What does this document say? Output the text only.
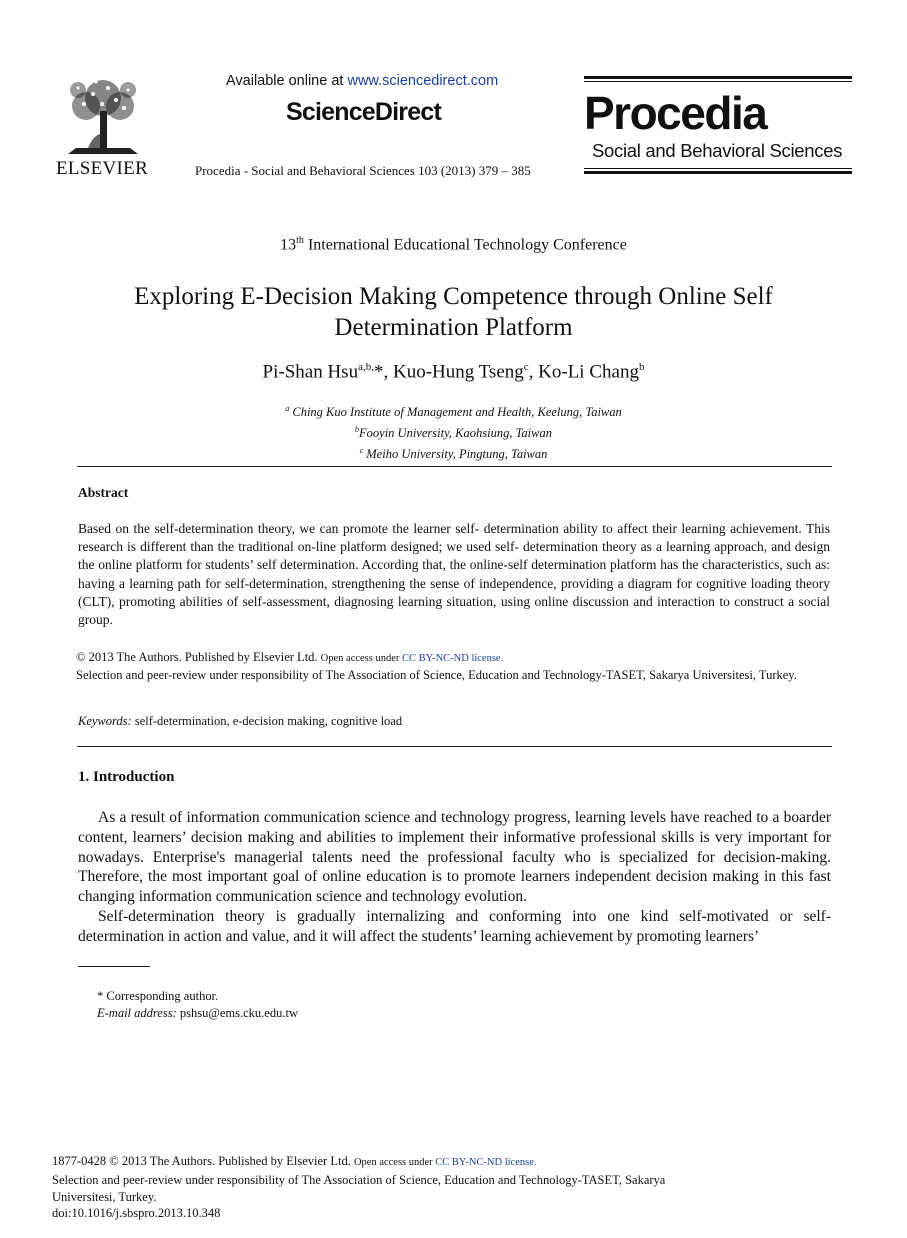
ELSEVIER
Available online at www.sciencedirect.com
ScienceDirect
Procedia - Social and Behavioral Sciences 103 (2013) 379 – 385
Procedia
Social and Behavioral Sciences
13th International Educational Technology Conference
Exploring E-Decision Making Competence through Online Self Determination Platform
Pi-Shan Hsu$^{a,b,}$*, Kuo-Hung Tseng$^c$, Ko-Li Chang$^b$
$^a$ Ching Kuo Institute of Management and Health, Keelung, Taiwan
$^b$Fooyin University, Kaohsiung, Taiwan
$^c$ Meiho University, Pingtung, Taiwan
Abstract
Based on the self-determination theory, we can promote the learner self- determination ability to affect their learning achievement. This research is different than the traditional on-line platform designed; we used self- determination theory as a learning approach, and design the online platform for students’ self determination. According that, the online-self determination platform has the characteristics, such as: having a learning path for self-determination, strengthening the sense of independence, providing a diagram for cognitive loading theory (CLT), promoting abilities of self-assessment, diagnosing learning situation, using online discussion and interaction to construct a social group.
© 2013 The Authors. Published by Elsevier Ltd. Open access under CC BY-NC-ND license.
Selection and peer-review under responsibility of The Association of Science, Education and Technology-TASET, Sakarya Universitesi, Turkey.
Keywords: self-determination, e-decision making, cognitive load
1. Introduction

As a result of information communication science and technology progress, learning levels have reached to a boarder content, learners’ decision making and abilities to implement their informative professional skills is very important for nowadays. Enterprise's managerial talents need the professional faculty who is specialized for decision-making. Therefore, the most important goal of online education is to promote learners independent decision making in this fast changing information communication science and technology evolution.

Self-determination theory is gradually internalizing and conforming into one kind self-motivated or self-determination in action and value, and it will affect the students’ learning achievement by promoting learners’

* Corresponding author.
E-mail address: pshsu@ems.cku.edu.tw
1877-0428 © 2013 The Authors. Published by Elsevier Ltd. Open access under CC BY-NC-ND license.
Selection and peer-review under responsibility of The Association of Science, Education and Technology-TASET, Sakarya
Universitesi, Turkey.
doi:10.1016/j.sbspro.2013.10.348
